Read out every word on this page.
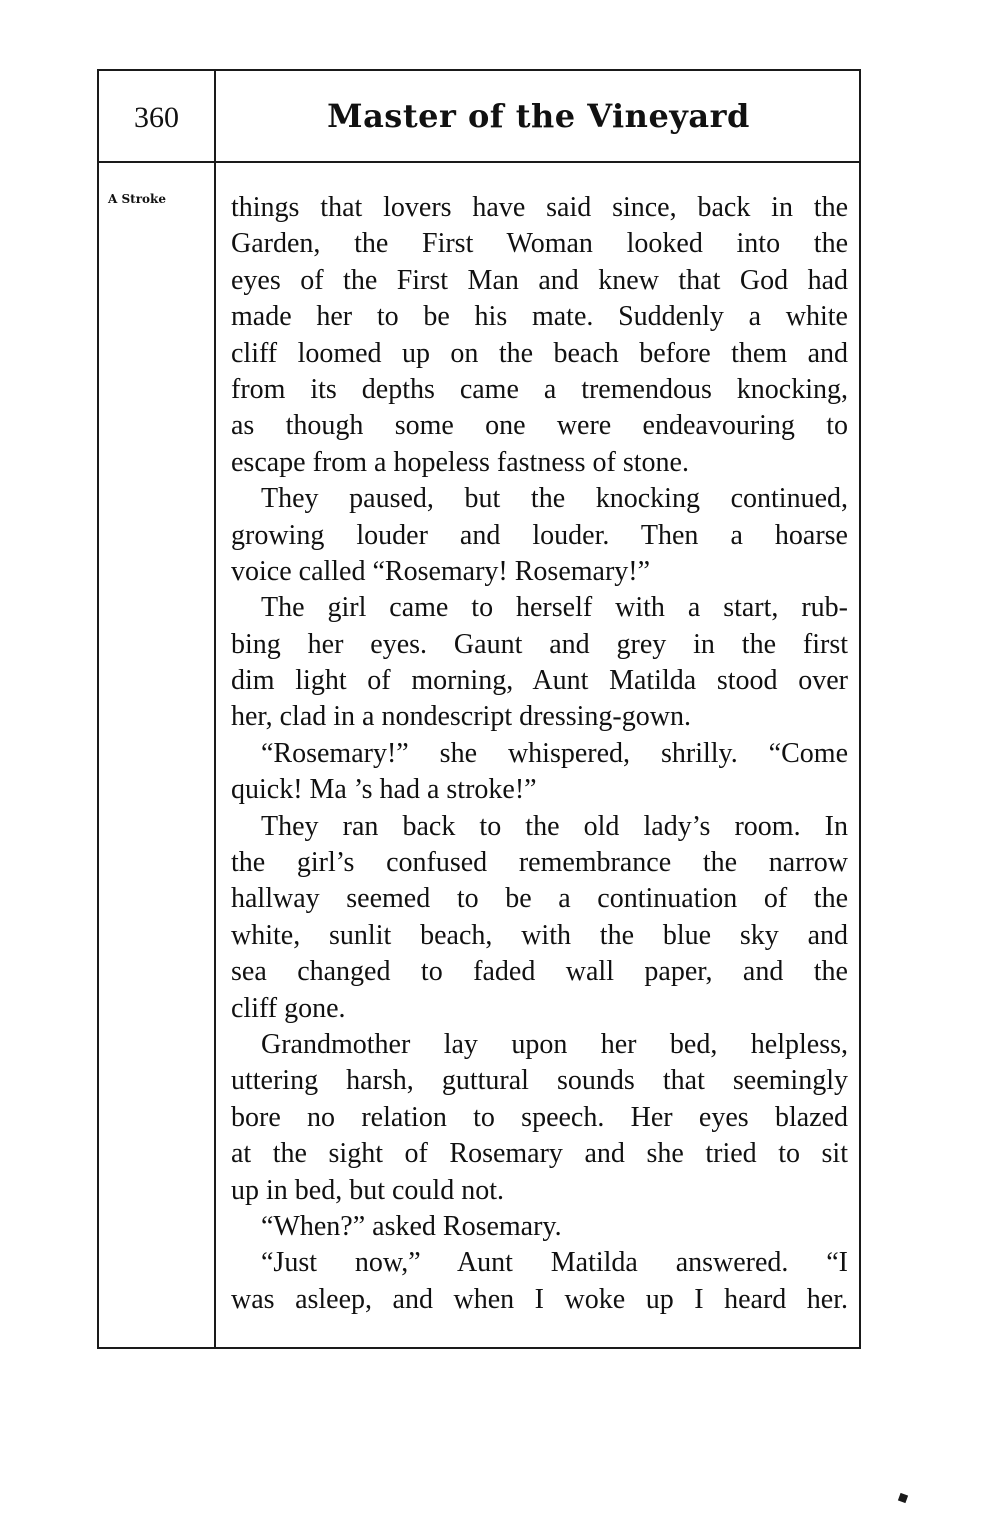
360	Master of the Vineyard
A Stroke	things that lovers have said since, back in the
Garden, the First Woman looked into the
eyes of the First Man and knew that God had
made her to be his mate. Suddenly a white
cliff loomed up on the beach before them and
from its depths came a tremendous knocking,
as though some one were endeavouring to
escape from a hopeless fastness of stone.
They paused, but the knocking continued,
growing louder and louder. Then a hoarse
voice called “Rosemary! Rosemary!”
The girl came to herself with a start, rub-
bing her eyes. Gaunt and grey in the first
dim light of morning, Aunt Matilda stood over
her, clad in a nondescript dressing-gown.
“Rosemary!” she whispered, shrilly. “Come
quick! Ma ’s had a stroke!”
They ran back to the old lady’s room. In
the girl’s confused remembrance the narrow
hallway seemed to be a continuation of the
white, sunlit beach, with the blue sky and
sea changed to faded wall paper, and the
cliff gone.
Grandmother lay upon her bed, helpless,
uttering harsh, guttural sounds that seemingly
bore no relation to speech. Her eyes blazed
at the sight of Rosemary and she tried to sit
up in bed, but could not.
“When?” asked Rosemary.
“Just now,” Aunt Matilda answered. “I
was asleep, and when I woke up I heard her.
